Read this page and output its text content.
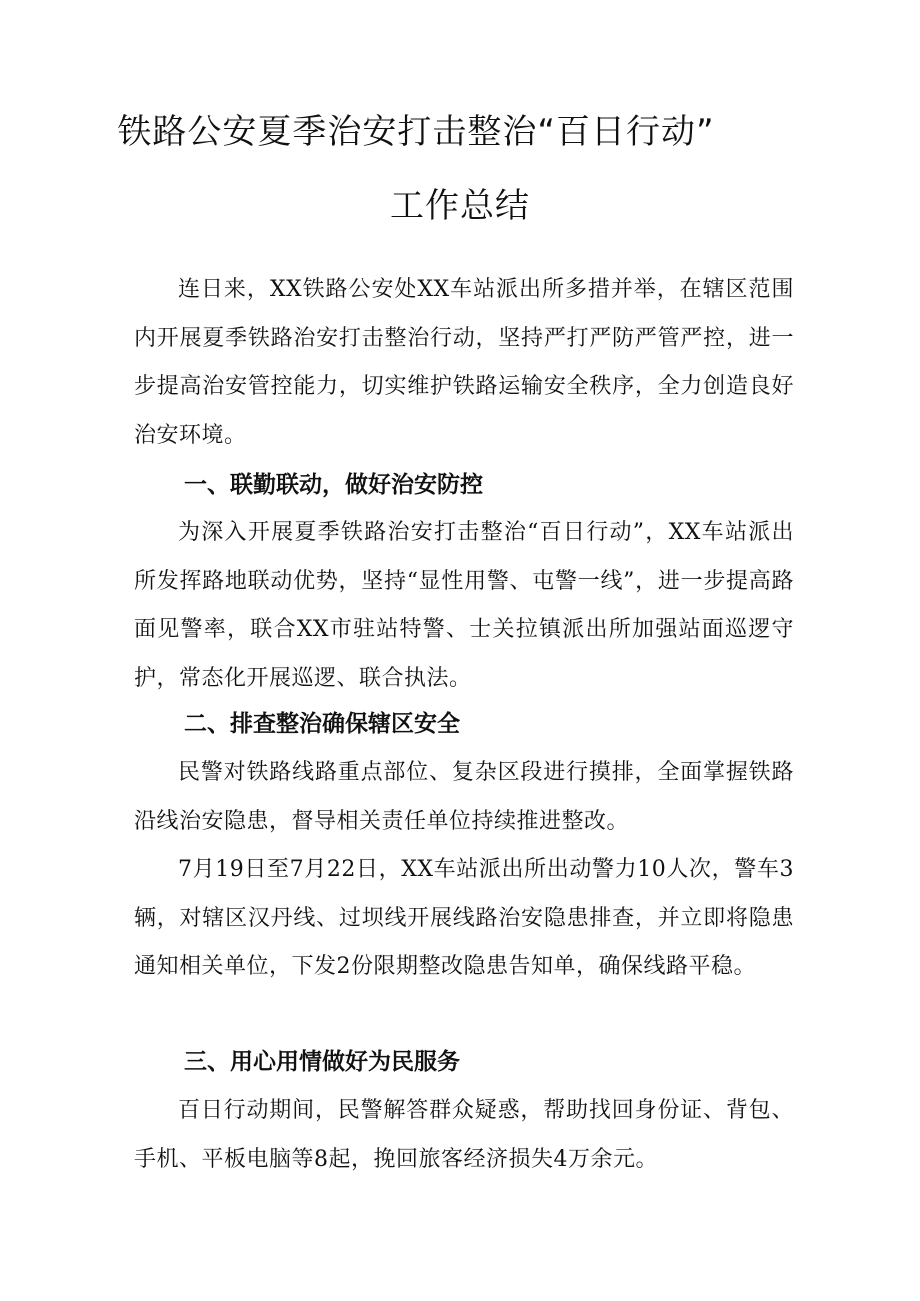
铁路公安夏季治安打击整治“百日行动”
工作总结

连日来，XX铁路公安处XX车站派出所多措并举，在辖区范围内开展夏季铁路治安打击整治行动，坚持严打严防严管严控，进一步提高治安管控能力，切实维护铁路运输安全秩序，全力创造良好治安环境。

一、联勤联动，做好治安防控

为深入开展夏季铁路治安打击整治“百日行动”，XX车站派出所发挥路地联动优势，坚持“显性用警、屯警一线”，进一步提高路面见警率，联合XX市驻站特警、士关拉镇派出所加强站面巡逻守护，常态化开展巡逻、联合执法。

二、排查整治确保辖区安全

民警对铁路线路重点部位、复杂区段进行摸排，全面掌握铁路沿线治安隐患，督导相关责任单位持续推进整改。

7月19日至7月22日，XX车站派出所出动警力10人次，警车3辆，对辖区汉丹线、过坝线开展线路治安隐患排查，并立即将隐患通知相关单位，下发2份限期整改隐患告知单，确保线路平稳。

三、用心用情做好为民服务

百日行动期间，民警解答群众疑惑，帮助找回身份证、背包、手机、平板电脑等8起，挽回旅客经济损失4万余元。
